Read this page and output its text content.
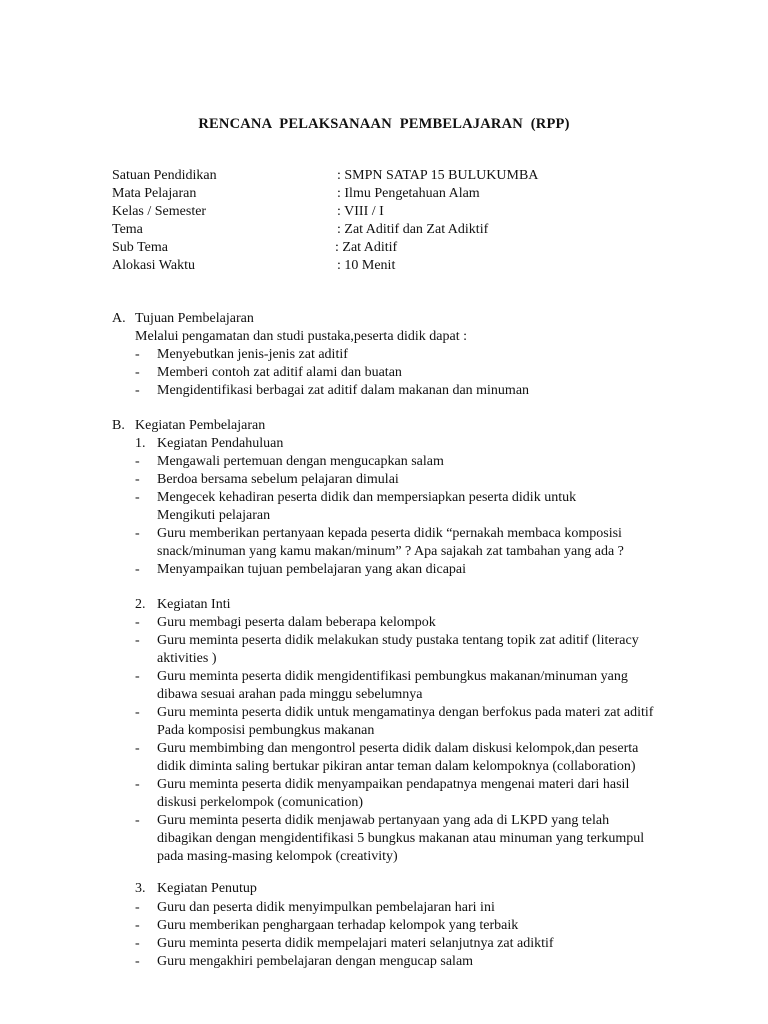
RENCANA PELAKSANAAN PEMBELAJARAN (RPP)
Satuan Pendidikan	: SMPN SATAP 15 BULUKUMBA
Mata Pelajaran	: Ilmu Pengetahuan Alam
Kelas / Semester	: VIII / I
Tema	: Zat Aditif dan Zat Adiktif
Sub Tema	: Zat Aditif
Alokasi Waktu	: 10 Menit
A. Tujuan Pembelajaran
Melalui pengamatan dan studi pustaka,peserta didik dapat :
- Menyebutkan jenis-jenis zat aditif
- Memberi contoh zat aditif alami dan buatan
- Mengidentifikasi berbagai zat aditif dalam makanan dan minuman
B. Kegiatan Pembelajaran
1. Kegiatan Pendahuluan
- Mengawali pertemuan dengan mengucapkan salam
- Berdoa bersama sebelum pelajaran dimulai
- Mengecek kehadiran peserta didik dan mempersiapkan peserta didik untuk
Mengikuti pelajaran
- Guru memberikan pertanyaan kepada peserta didik “pernakah membaca komposisi
snack/minuman yang kamu makan/minum” ? Apa sajakah zat tambahan yang ada ?
- Menyampaikan tujuan pembelajaran yang akan dicapai
2. Kegiatan Inti
- Guru membagi peserta dalam beberapa kelompok
- Guru meminta peserta didik melakukan study pustaka tentang topik zat aditif (literacy
aktivities )
- Guru meminta peserta didik mengidentifikasi pembungkus makanan/minuman yang
dibawa sesuai arahan pada minggu sebelumnya
- Guru meminta peserta didik untuk mengamatinya dengan berfokus pada materi zat aditif
Pada komposisi pembungkus makanan
- Guru membimbing dan mengontrol peserta didik dalam diskusi kelompok,dan peserta
didik diminta saling bertukar pikiran antar teman dalam kelompoknya (collaboration)
- Guru meminta peserta didik menyampaikan pendapatnya mengenai materi dari hasil
diskusi perkelompok (comunication)
- Guru meminta peserta didik menjawab pertanyaan yang ada di LKPD yang telah
dibagikan dengan mengidentifikasi 5 bungkus makanan atau minuman yang terkumpul
pada masing-masing kelompok (creativity)
3. Kegiatan Penutup
- Guru dan peserta didik menyimpulkan pembelajaran hari ini
- Guru memberikan penghargaan terhadap kelompok yang terbaik
- Guru meminta peserta didik mempelajari materi selanjutnya zat adiktif
- Guru mengakhiri pembelajaran dengan mengucap salam
